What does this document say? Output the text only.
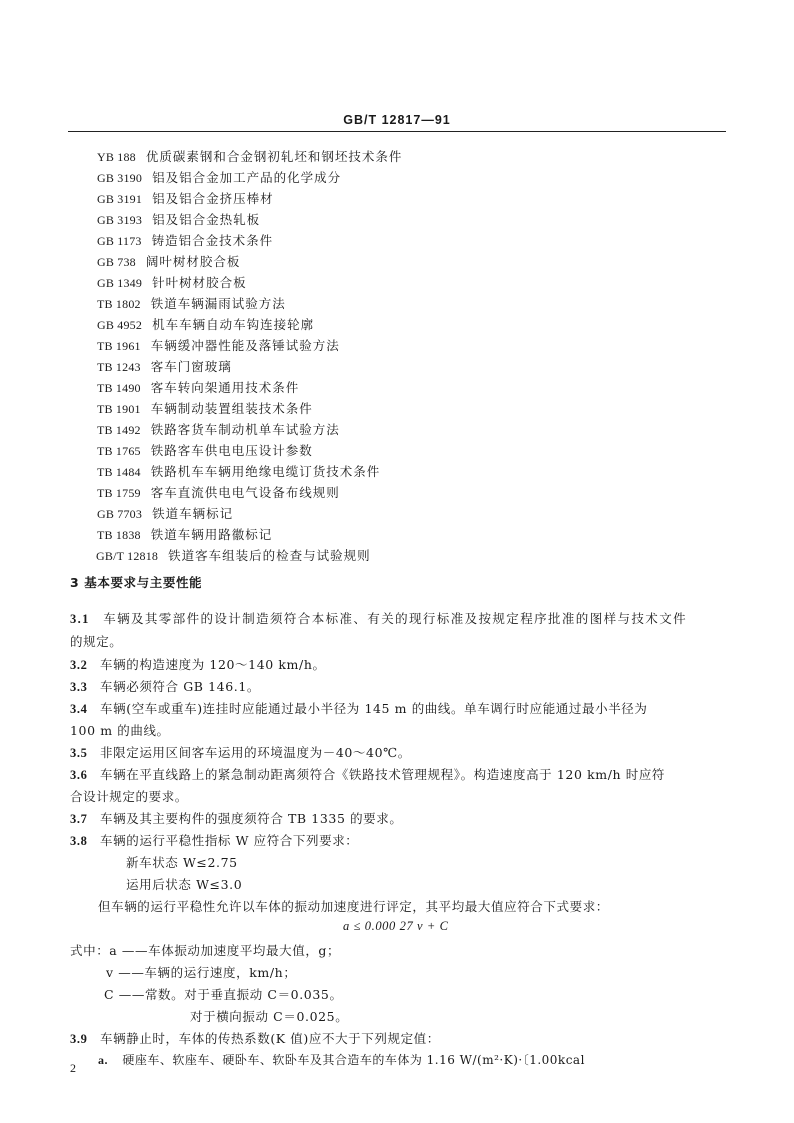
GB/T 12817—91
YB 188 优质碳素钢和合金钢初轧坯和钢坯技术条件
GB 3190 铝及铝合金加工产品的化学成分
GB 3191 铝及铝合金挤压棒材
GB 3193 铝及铝合金热轧板
GB 1173 铸造铝合金技术条件
GB 738 阔叶树材胶合板
GB 1349 针叶树材胶合板
TB 1802 铁道车辆漏雨试验方法
GB 4952 机车车辆自动车钩连接轮廓
TB 1961 车辆缓冲器性能及落锤试验方法
TB 1243 客车门窗玻璃
TB 1490 客车转向架通用技术条件
TB 1901 车辆制动装置组装技术条件
TB 1492 铁路客货车制动机单车试验方法
TB 1765 铁路客车供电电压设计参数
TB 1484 铁路机车车辆用绝缘电缆订货技术条件
TB 1759 客车直流供电电气设备布线规则
GB 7703 铁道车辆标记
TB 1838 铁道车辆用路徽标记
GB/T 12818 铁道客车组装后的检查与试验规则
3 基本要求与主要性能
3.1 车辆及其零部件的设计制造须符合本标准、有关的现行标准及按规定程序批准的图样与技术文件
的规定。
3.2 车辆的构造速度为 120～140 km/h。
3.3 车辆必须符合 GB 146.1。
3.4 车辆(空车或重车)连挂时应能通过最小半径为 145 m 的曲线。单车调行时应能通过最小半径为
100 m 的曲线。
3.5 非限定运用区间客车运用的环境温度为－40～40℃。
3.6 车辆在平直线路上的紧急制动距离须符合《铁路技术管理规程》。构造速度高于 120 km/h 时应符
合设计规定的要求。
3.7 车辆及其主要构件的强度须符合 TB 1335 的要求。
3.8 车辆的运行平稳性指标 W 应符合下列要求：
新车状态 W≤2.75
运用后状态 W≤3.0
但车辆的运行平稳性允许以车体的振动加速度进行评定，其平均最大值应符合下式要求：
a ≤ 0.000 27 v + C
式中：a ——车体振动加速度平均最大值，g；
v ——车辆的运行速度，km/h；
C ——常数。对于垂直振动 C＝0.035。
对于横向振动 C＝0.025。
3.9 车辆静止时，车体的传热系数(K 值)应不大于下列规定值：
a. 硬座车、软座车、硬卧车、软卧车及其合造车的车体为 1.16 W/(m²·K)·〔1.00kcal
2
